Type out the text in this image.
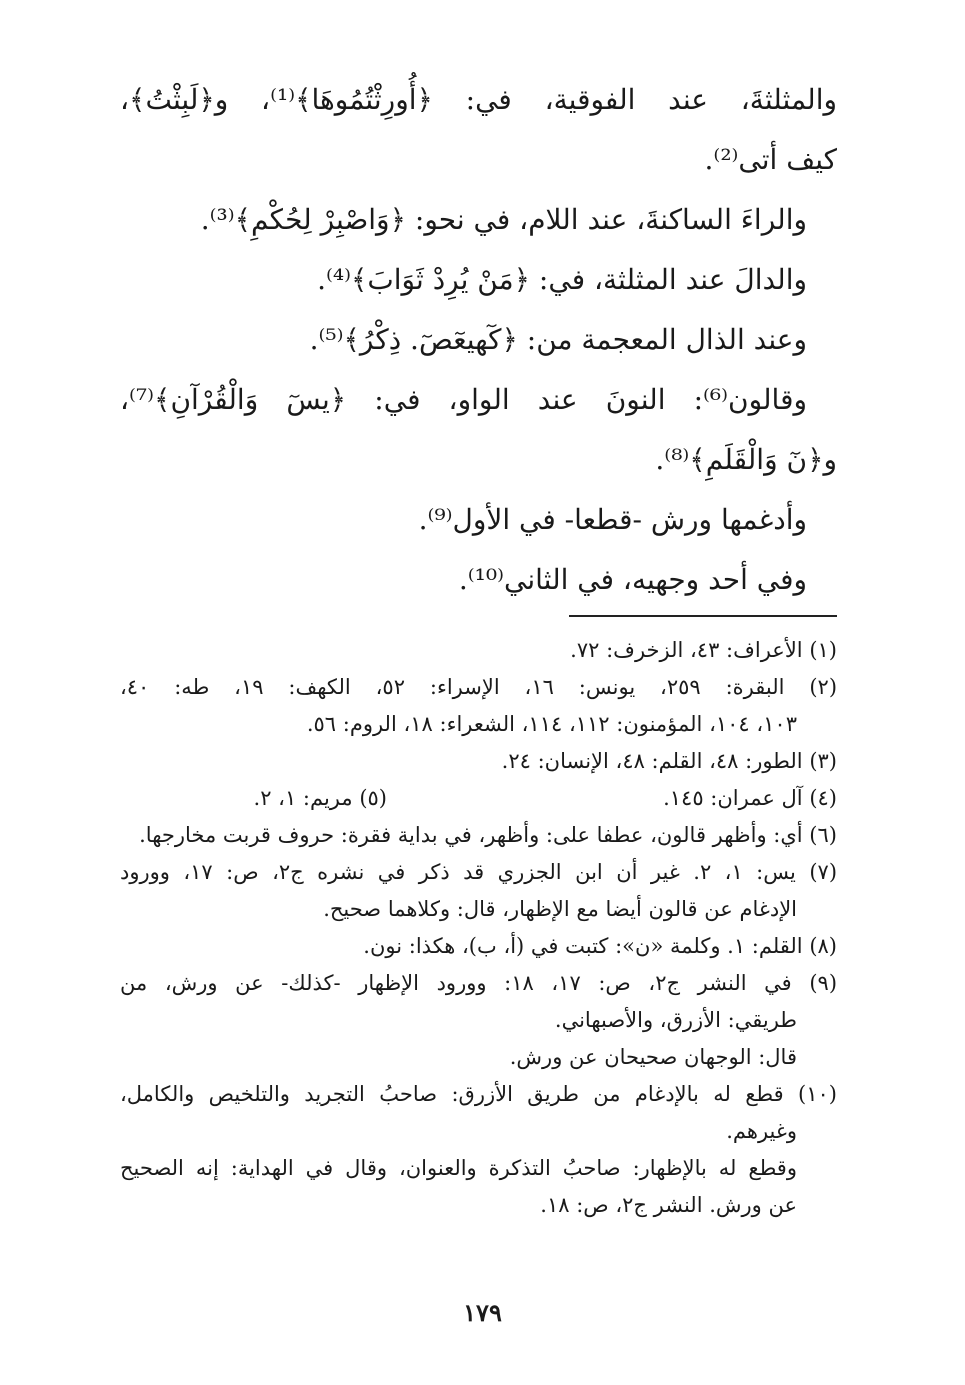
والمثلثةَ، عند الفوقية، في: ﴿أُورِثْتُمُوهَا﴾⁽¹⁾، و﴿لَبِثْتُ﴾،

كيف أتى⁽²⁾.

والراءَ الساكنةَ، عند اللام، في نحو: ﴿وَاصْبِرْ لِحُكْمِ﴾⁽³⁾.

والدالَ عند المثلثة، في: ﴿مَنْ يُرِدْ ثَوَابَ﴾⁽⁴⁾.

وعند الذال المعجمة من: ﴿كٓهيعٓصٓ. ذِكْرُ﴾⁽⁵⁾.

وقالون⁽⁶⁾: النونَ عند الواو، في: ﴿يسٓ وَالْقُرْآنِ﴾⁽⁷⁾،

و﴿نٓ وَالْقَلَمِ﴾⁽⁸⁾.

وأدغمها ورش -قطعا- في الأول⁽⁹⁾.

وفي أحد وجهيه، في الثاني⁽¹⁰⁾.

(١) الأعراف: ٤٣، الزخرف: ٧٢.

(٢) البقرة: ٢٥٩، يونس: ١٦، الإسراء: ٥٢، الكهف: ١٩، طه: ٤٠،

١٠٣، ١٠٤، المؤمنون: ١١٢، ١١٤، الشعراء: ١٨، الروم: ٥٦.

(٣) الطور: ٤٨، القلم: ٤٨، الإنسان: ٢٤.

(٤) آل عمران: ١٤٥.
(٥) مريم: ١، ٢.

(٦) أي: وأظهر قالون، عطفا على: وأظهر، في بداية فقرة: حروف قربت مخارجها.

(٧) يس: ١، ٢. غير أن ابن الجزري قد ذكر في نشره ج٢، ص: ١٧، وورود

الإدغام عن قالون أيضا مع الإظهار، قال: وكلاهما صحيح.

(٨) القلم: ١. وكلمة «ن»: كتبت في (أ، ب)، هكذا: نون.

(٩) في النشر ج٢، ص: ١٧، ١٨: وورود الإظهار -كذلك- عن ورش، من

طريقي: الأزرق، والأصبهاني.

قال: الوجهان صحيحان عن ورش.

(١٠) قطع له بالإدغام من طريق الأزرق: صاحبُ التجريد والتلخيص والكامل،

وغيرهم.

وقطع له بالإظهار: صاحبُ التذكرة والعنوان، وقال في الهداية: إنه الصحيح

عن ورش. النشر ج٢، ص: ١٨.

١٧٩
